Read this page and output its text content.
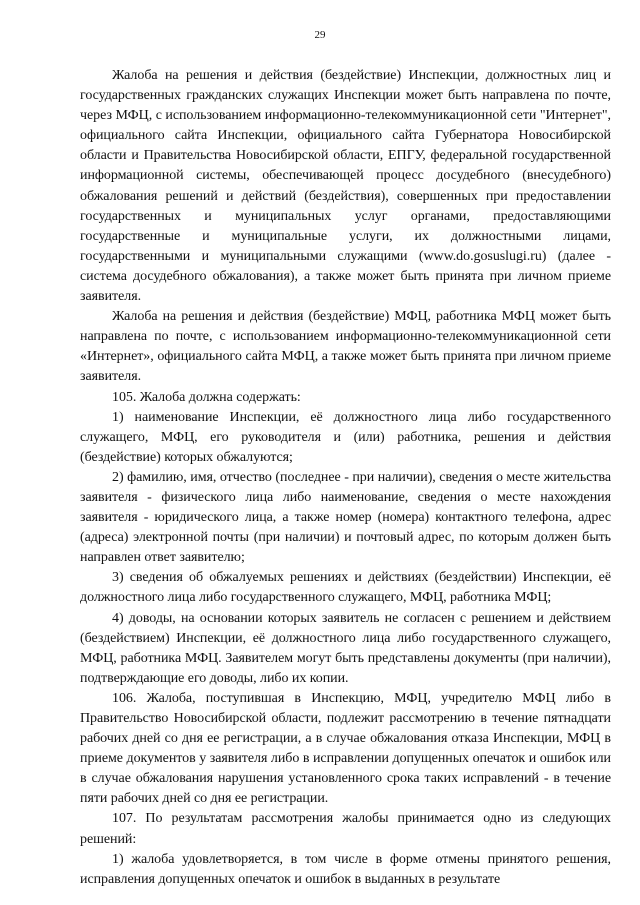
29

Жалоба на решения и действия (бездействие) Инспекции, должностных лиц и государственных гражданских служащих Инспекции может быть направлена по почте, через МФЦ, с использованием информационно-телекоммуникационной сети "Интернет", официального сайта Инспекции, официального сайта Губернатора Новосибирской области и Правительства Новосибирской области, ЕПГУ, федеральной государственной информационной системы, обеспечивающей процесс досудебного (внесудебного) обжалования решений и действий (бездействия), совершенных при предоставлении государственных и муниципальных услуг органами, предоставляющими государственные и муниципальные услуги, их должностными лицами, государственными и муниципальными служащими (www.do.gosuslugi.ru) (далее - система досудебного обжалования), а также может быть принята при личном приеме заявителя.

Жалоба на решения и действия (бездействие) МФЦ, работника МФЦ может быть направлена по почте, с использованием информационно-телекоммуникационной сети «Интернет», официального сайта МФЦ, а также может быть принята при личном приеме заявителя.

105. Жалоба должна содержать:

1) наименование Инспекции, её должностного лица либо государственного служащего, МФЦ, его руководителя и (или) работника, решения и действия (бездействие) которых обжалуются;

2) фамилию, имя, отчество (последнее - при наличии), сведения о месте жительства заявителя - физического лица либо наименование, сведения о месте нахождения заявителя - юридического лица, а также номер (номера) контактного телефона, адрес (адреса) электронной почты (при наличии) и почтовый адрес, по которым должен быть направлен ответ заявителю;

3) сведения об обжалуемых решениях и действиях (бездействии) Инспекции, её должностного лица либо государственного служащего, МФЦ, работника МФЦ;

4) доводы, на основании которых заявитель не согласен с решением и действием (бездействием) Инспекции, её должностного лица либо государственного служащего, МФЦ, работника МФЦ. Заявителем могут быть представлены документы (при наличии), подтверждающие его доводы, либо их копии.

106. Жалоба, поступившая в Инспекцию, МФЦ, учредителю МФЦ либо в Правительство Новосибирской области, подлежит рассмотрению в течение пятнадцати рабочих дней со дня ее регистрации, а в случае обжалования отказа Инспекции, МФЦ в приеме документов у заявителя либо в исправлении допущенных опечаток и ошибок или в случае обжалования нарушения установленного срока таких исправлений - в течение пяти рабочих дней со дня ее регистрации.

107. По результатам рассмотрения жалобы принимается одно из следующих решений:

1) жалоба удовлетворяется, в том числе в форме отмены принятого решения, исправления допущенных опечаток и ошибок в выданных в результате
